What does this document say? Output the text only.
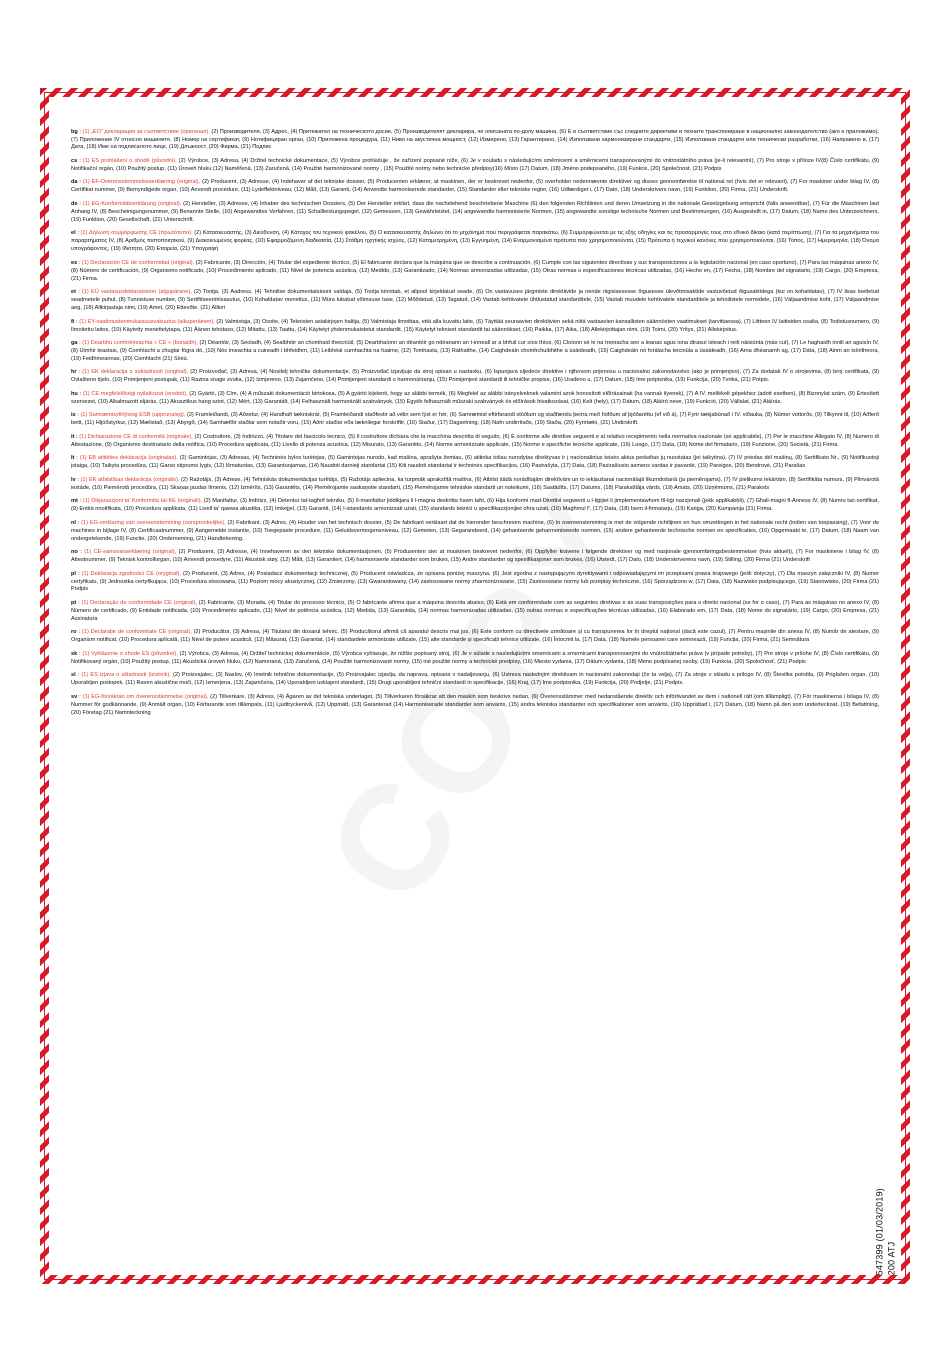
bg : (1) „ЕО“ декларация за съответствие (оригинал). (2) Производителя, (3) Адрес, (4) Притежател на техническото досие, (5) Производителят декларира, че описаната по-долу машина, (6) Е в съответствие със следните директиви и техните транспониране в национално законодателство (ако е приложимо), (7) Приложение IV относно машините, (8) Номер на сертификат, (9) Нотифициран орган, (10) Приложена процедура, (11) Ниво на акустична мощност, (12) Измерено, (13) Гарантирано, (14) Използвани хармонизирани стандарти, (15) Използвани стандарти или технически разработки, (16) Направено в, (17) Дата, (18) Име на подписалото лице, (19) Длъжност, (20) Фирма, (21) Подпис

cs : (1) ES prohlášení o shodě (původní). (2) Výrobce, (3) Adresa, (4) Držitel technické dokumentace, (5) Výrobce prohlašuje , že zařízení popsané níže, (6) Je v souladu s následujícími směrnicemi a směrnicemi transponovanými do vnitrostátního práva (je-li relevantní), (7) Pro stroje v příloze IV(8) Číslo certifikátu, (9) Notifikační orgán, (10) Použitý postup, (11) Úroveň hluku (12) Naměřená, (13) Zaručená, (14) Použité harmonizované normy , (15) Použité normy nebo technické předpisy(16) Místo (17) Datum, (18) Jméno podepsaného, (19) Funkce, (20) Společnost, (21) Podpis

da : (1) EF-Overensstemmelseserklæring (original), (2) Producent, (3) Adresse, (4) Indehaver af det tekniske dossier, (5) Producenten erklærer, at maskinen, der er beskrevet nedenfor, (5) overholder nedennævnte direktiver og disses gennemførelse til national ret (hvis det er relevant), (7) For maskiner under bilag IV, (8) Certifikat nummer, (9) Bemyndigede organ, (10) Anvendt procedure, (11) Lydeffektniveau, (12) Målt, (13) Garanti, (14) Anvendte harmoniserede standarder, (15) Standarder eller tekniske regler, (16) Udfærdiget i, (17) Dato, (18) Underskrivers navn, (19) Funktion, (20) Firma, (21) Underskrift.

de : (1) EG-Konformitätserklärung (original). (2) Hersteller, (3) Adresse, (4) Inhaber des technischen Dossiers, (5) Der Hersteller erklärt, dass die nachstehend beschriebene Maschine (6) den folgenden Richtlinien und deren Umsetzung in die nationale Gesetzgebung entspricht (falls anwendbar), (7) Für die Maschinen laut Anhang IV, (8) Bescheinigungsnummer, (9) Benannte Stelle, (10) Angewandtes Verfahren, (11) Schallleistungspegel, (12) Gemessen, (13) Gewährleistet, (14) angewandte harmonisierte Normen, (15) angewandte sonstige technische Normen und Bestimmungen, (16) Ausgestellt in, (17) Datum, (18) Name des Unterzeichners, (19) Funktion, (20) Gesellschaft, (21) Unterschrift.

el : (1) Δήλωση συμμόρφωσης CE (πρωτότυπο). (2) Κατασκευαστής, (3) Διεύθυνση, (4) Κάτοχος του τεχνικού φακέλου, (5) Ο κατασκευαστής δηλώνει ότι το μηχάνημα που περιγράφεται παρακάτω, (6) Συμμορφώνεται με τις εξής οδηγίες και τις προσαρμογές τους στο εθνικό δίκαιο (κατά περίπτωση), (7) Για τα μηχανήματα του παραρτήματος IV, (8) Αριθμός πιστοποιητικού, (9) Διακοινωμένος φορέας, (10) Εφαρμοζόμενη διαδικασία, (11) Στάθμη ηχητικής ισχύος, (12) Καταμετρημένη, (13) Εγγυημένη, (14) Εναρμονισμένα πρότυπα που χρησιμοποιούνται, (15) Πρότυπα ή τεχνικοί κανόνες που χρησιμοποιούνται, (16) Τόπος, (17) Ημερομηνία, (18) Όνομα υπογράφοντος, (19) Ιδιότητα, (20) Εταιρεία, (21) Υπογραφή

es : (1) Declaración CE de conformidad (original), (2) Fabricante, (3) Dirección, (4) Titular del expediente técnico, (5) El fabricante declara que la máquina que se describe a continuación, (6) Cumple con las siguientes directivas y sus transposiciones a la legislación nacional (en caso oportuno), (7) Para las máquinas anexo IV, (8) Número de certificación, (9) Organismo notificado, (10) Procedimiento aplicado, (11) Nivel de potencia acústica, (12) Medido, (13) Garantizado, (14) Normas armonizadas utilizadas, (15) Otras normas o especificaciones técnicas utilizadas, (16) Hecho en, (17) Fecha, (18) Nombre del signatario, (19) Cargo, (20) Empresa, (21) Firma.

et : (1) EÜ vastavusdeklaratsioon (algupärane), (2) Tootja, (3) Aadress, (4) Tehnilise dokumentatsiooni valdaja, (5) Tootja kinnitab, et allpool kirjeldatud seade, (6) On vastavuses järgmiste direktiivide ja nende riigisisesesse õigusesse ülevõtmisaktide vastuvõetud õigusaktidega (kui on kohaldatav), (7) IV lisas loetletud seadmetele puhul, (8) Tunnistuse number, (9) Sertifitseerimisasutus, (10) Kohaldatav menetlus, (11) Müra lubatud võimsuse tase, (12) Mõõdetud, (13) Tagatud, (14) Vastab kehtivatele ühtlustatud standarditele, (15) Vastab muudele kehtivatele standarditele ja tehnilistele normidele, (16) Väljaandmise koht, (17) Väljaandmise aeg, (18) Allkirjastaja nimi, (19) Amet, (20) Ettevõte, (21) Allkiri

fi : (1) EY-vaatimustenmukaisuusvakuutus (alkuperäinen), (2) Valmistaja, (3) Osoite, (4) Teknisten asiakirjojen haltija, (5) Valmistaja ilmoittaa, että alla kuvattu laite, (6) Täyttää seuraavien direktiivien sekä niitä vastaavien kansallisten säännösten vaatimukset (tarvittaessa), (7) Liitteen IV laitteiden osalta, (8) Todistusnumero, (9) Ilmoitettu laitos, (10) Käytetty menettelytapa, (11) Äänen tehotaso, (12) Mitattu, (13) Taattu, (14) Käytetyt yhdenmukaistetut standardit, (15) Käytetyt tekniset standardit tai säännökset, (16) Paikka, (17) Aika, (18) Allekirjoittajan nimi, (19) Toimi, (20) Yritys, (21) Allekirjoitus.

ga : (1) Dearbhú comhréireachta « CE » (bunaidh), (2) Déantóir, (3) Seoladh, (4) Sealbhóir an chomhaid theicniúil, (5) Dearbhaíonn an déantóir go ndéanann an t-inneall ar a bhfuil cur síos thíos, (6) Cloíonn sé le na treoracha seo a leanas agus iona dtrasuí isteach i reiti náisiúnta (más cuí), (7) Le haghaidh innill an aguisín IV, (8) Uimhir teastais, (9) Comhlacht a chuglar fógra dó, (10) Nós imeachta a cuireadh i bhfeidhm, (11) Leibhéal cumhachta na fuaime, (12) Tomhasta, (13) Ráthaithe, (14) Caighdeáin chomhchuibhithe a úsáideadh, (15) Caighdeáin nó forálacha teicniúla a úsáideadh, (16) Arna dhéanamh ag, (17) Dáta, (18) Ainm an tsínitheora, (19) Feidhmeannas, (20) Comhlacht (21) Síniú.

hr : (1) EK deklaracija o sukladnosti (original), (2) Proizvođač, (3) Adresa, (4) Nositelj tehničke dokumentacije, (5) Proizvođač izjavljuje da stroj opisan u nastavku, (6) Ispunjava sljedeće direktive i njihovom prijenosu u nacionalno zakonodavstvo (ako je primjenjivo), (7) Za dodatak IV o strojevima, (8) broj certifikata, (9) Ovlašteno tijelo, (10) Primijenjeni postupak, (11) Razina snage zvuka, (12) Izmjereno, (13) Zajamčeno, (14) Primijenjeni standardi o harmoniziranju, (15) Primijenjeni standardi ili tehničke propise, (16) Urađeno u, (17) Datum, (18) Ime potpisnika, (19) Funkcija, (20) Tvrtka, (21) Potpis.

hu : (1) CE megfelelőségi nyilatkozat (eredeti), (2) Gyártó, (3) Cím, (4) A műszaki dokumentáció birtokosa, (5) A gyártó kijelenti, hogy az alábbi termék, (6) Megfelel az alábbi irányelveknek valamint azok honosított előírásainak (ha vannak ilyenek), (7) A IV. mellékelt gépekhez (adott esetben), (8) Bizonylat szám, (9) Értesített szervezet, (10) Alkalmazott eljárás, (11) Akusztikus hang szint, (12) Mért, (13) Garantált, (14) Felhasznált harmonizált szabványok, (15) Egyéb felhasznált műszaki szabványok és előírások hivatkozásai, (16) Kelt (hely), (17) Dátum, (18) Aláíró neve, (19) Funkció, (20) Vállalat, (21) Aláírás.

is : (1) Samræmisyfirlýsing ESB (upprunaleg), (2) Framleiðandi, (3) Aðsetur, (4) Handhafi tækniskrár, (5) Framleiðandi staðfestir að vélin sem lýst er hér, (6) Samræmist eftirfarandi stöðlum og staðfærslu þeirra með höfðum af þjóðaréttu (ef við á), (7) Fyrir tækjabúnað í IV. viðauka, (8) Númer vottorðs, (9) Tilkynnt til, (10) Aðferð beitt, (11) Hljóðstyrkur, (12) Mælistað, (13) Ábyrgð, (14) Samhæfðir staðlar sem notaðir voru, (15) Aðrir staðlar eða tæknilegar forskriftir, (16) Staður, (17) Dagsetning, (18) Nafn undirritaðs, (19) Staða, (20) Fyrirtæki, (21) Undirskrift.

it : (1) Dichiarazione CE di conformità (originale), (2) Costruttore, (3) Indirizzo, (4) Titolare del fascicolo tecnico, (5) Il costruttore dichiara che la macchina descritta di seguito, (6) È conforme alle direttive seguenti e al relativo recepimento nella normativa nazionale (se applicabile), (7) Per le macchine Allegato IV, (8) Numero di Attestazione, (9) Organismo destinatario della notifica, (10) Procedura applicata, (11) Livello di potenza acustica, (12) Misurato, (13) Garantito, (14) Norme armonizzate applicate, (15) Norme e specifiche tecniche applicate, (16) Luogo, (17) Data, (18) Nome del firmatario, (19) Funzione, (20) Società, (21) Firma.

lt : (1) EB atitikties deklaracija (originalas), (2) Gamintojas, (3) Adresas, (4) Techninės bylos turėtojas, (5) Gamintojas nurodo, kad mašina, aprašyta žemiau, (6) atitinka toliau nurodytas direktyvas ir į nacionalinius teisės aktus perkeltas jų nuostatas (jei taikytina), (7) IV priedas dėl mašinų, (8) Sertifikato Nr., (9) Notifikuotoji įstaiga, (10) Taikyta procedūra, (11) Garso stiprumo lygis, (12) Išmatuotas, (13) Garantuojamas, (14) Naudoti darnieji standartai (15) Kiti naudoti standartai ir techninės specifikacijos, (16) Pasirašyta, (17) Data, (18) Pasirašiusio asmens vardas ir pavardė, (19) Pareigos, (20) Bendrovė, (21) Parašas

lv : (1) EK atbilstības deklarācija (oriģināls), (2) Ražotājs, (3) Adrese, (4) Tehniskās dokumentācijas turētājs, (5) Ražotājs apliecina, ka turpmāk aprakstītā mašīna, (6) Atbilst šādā norādītajām direktīvām un to iekļaušanai nacionālajā likumdošanā (ja piemērojams), (7) IV pielikums iekārtām, (8) Sertifikāta numurs, (9) Pilnvarotā iestāde, (10) Piemērotā procedūra, (11) Skaņas jaudas līmenis, (12) Izmērīts, (13) Garantēts, (14) Piemērojamie saskaņotie standarti, (15) Piemērojamie tehniskie standarti un noteikumi, (16) Sastādīts, (17) Datums, (18) Parakstītāja vārds, (19) Amats, (20) Uzņēmums, (21) Paraksts

mt : (1) Dikjarazzjoni ta' Konformità tal-KE (oriġinali), (2) Manifattur, (3) Indirizz, (4) Detentur tat-tagħrif tekniku, (5) Il-manifattur jiddikjara li l-magna deskritta hawn taħt, (6) Hija konformi mad-Direttivi segwenti u l-liġijiet li jimplementawhom fil-liġi nazzjonali (jekk applikabbli), (7) Għall-magni fl-Anness IV, (8) Numru taċ-ċertifikat, (9) Entità nnotifikata, (10) Proċedura applikata, (11) Livell ta' qawwa akustika, (12) Imkejjel, (13) Garantit, (14) I-istandards armonizzati użati, (15) standards tekniċi u speċifikazzjonijiet oħra użati, (16) Magħmul f', (17) Data, (18) Isem il-firmatarju, (19) Kariga, (20) Kumpanija (21) Firma.

nl : (1) EG-verklaring van overeenstemming (oorspronkelijke), (2) Fabrikant, (3) Adres, (4) Houder van het technisch dossier, (5) De fabrikant verklaart dat de hieronder beschreven machine, (6) In overeenstemming is met de volgende richtlijnen en hun omzettingen in het nationale recht (indien van toepassing), (7) Voor de machines in bijlage IV, (8) Certificaatnummer, (9) Aangemelde instantie, (10) Toegepaste procedure, (11) Geluidsvermogensniveau, (12) Gemeten, (13) Gegarandeerd, (14) gehanteerde geharmoniseerde normen, (15) andere gehanteerde technische normen en specificaties, (16) Opgemaakt te, (17) Datum, (18) Naam van ondergetekende, (19) Functie, (20) Onderneming, (21) Handtekening.

no : (1) CE-samsvarserklæring (original), (2) Produsent, (3) Adresse, (4) Innehaveren av den tekniske dokumentasjonen, (5) Produsenten sier at maskinen beskrevet nedenfor, (6) Oppfyller kravene i følgende direktiver og med nasjonale gjennomføringsbestemmelser (hvis aktuelt), (7) For maskinene i bilag IV, (8) Attestnummer, (9) Teknisk kontrollorgan, (10) Anvendt prosedyre, (11) Akustisk støy, (12) Målt, (13) Garantiert, (14) harmoniserte standarder som brukes, (15) Andre standarder og spesifikasjoner som brukes, (16) Utstedt, (17) Dato, (18) Underskriverens navn, (19) Stilling, (20) Firma (21) Underskrift

pl : (1) Deklaracja zgodności CE (oryginał), (2) Producent, (3) Adres, (4) Posiadacz dokumentacji technicznej, (5) Producent oświadcza, że opisana poniżej maszyna, (6) Jest zgodna z następującymi dyrektywami i odpowiadającymi im przepisami prawa krajowego (jeśli dotyczy), (7) Dla maszyn załączniki IV, (8) Numer certyfikatu, (9) Jednostka certyfikująca, (10) Procedura stosowana, (11) Poziom mocy akustycznej, (12) Zmierzony, (13) Gwarantowany, (14) zastosowane normy zharmonizowane, (15) Zastosowane normy lub przepisy techniczne, (16) Sporządzono w, (17) Data, (18) Nazwisko podpisującego, (19) Stanowisko, (20) Firma (21) Podpis

pt : (1) Declaração de conformidade CE (original), (2) Fabricante, (3) Morada, (4) Titular do processo técnico, (5) O fabricante afirma que a máquina descrita abaixo, (6) Está em conformidade com as seguintes diretivas e as suas transposições para o direito nacional (se for o caso), (7) Para as máquinas no anexo IV, (8) Número de certificado, (9) Entidade notificada, (10) Procedimento aplicado, (11) Nível de potência acústica, (12) Medida, (13) Garantida, (14) normas harmonizadas utilizadas, (15) outras normas e especificações técnicas utilizadas, (16) Elaborado em, (17) Data, (18) Nome do signatário, (19) Cargo, (20) Empresa, (21) Assinatura

ro : (1) Declarație de conformitate CE (original), (2) Producător, (3) Adresa, (4) Titularul din dosarul tehnic, (5) Producătorul afirmă că aparatul descris mai jos, (6) Este conform cu directivele următoare și cu transpunerea lor în dreptul național (dacă este cazul), (7) Pentru mașinile din anexa IV, (8) Număr de atestare, (9) Organism notificat, (10) Procedura aplicată, (11) Nivel de putere acustică, (12) Măsurat, (13) Garantat, (14) standardele armonizate utilizate, (15) alte standarde și specificații tehnice utilizate, (16) Întocmit la, (17) Data, (18) Numele persoanei care semnează, (19) Funcția, (20) Firma, (21) Semnătura

sk : (1) Vyhlásenie o zhode ES (pôvodné), (2) Výrobca, (3) Adresa, (4) Držiteľ technickej dokumentácie, (5) Výrobca vyhlasuje, že nižšie popísaný stroj, (6) Je v súlade s nasledujúcimi smernicami a smernicami transponovanými do vnútroštátneho práva (v prípade potreby), (7) Pre stroje v prílohe IV, (8) Číslo certifikátu, (9) Notifikovaný orgán, (10) Použitý postup, (11) Akustická úroveň hluku, (12) Nameraná, (13) Zaručená, (14) Použité harmonizované normy, (15) iné použité normy a technické predpisy, (16) Miesto vydania, (17) Dátum vydania, (18) Meno podpísanej osoby, (19) Funkcia, (20) Spoločnosť, (21) Podpis

sl : (1) ES izjava o skladnosti (izvirnik), (2) Proizvajalec, (3) Naslov, (4) Imetnik tehnične dokumentacije, (5) Proizvajalec izjavlja, da naprava, opisana v nadaljevanju, (6) Ustreza naslednjim direktivam in nacionalni zakonodaji (če ta velja), (7) Za stroje v skladu s prilogo IV, (8) Številka potrdila, (9) Priglašen organ, (10) Uporabljen postopek, (11) Raven akustične moči, (12) Izmerjena, (13) Zajamčena, (14) Uporabljeni usklajeni standardi, (15) Drugi uporabljeni tehnični standardi in specifikacije, (16) Kraj, (17) Ime podpisnika, (19) Funkcija, (20) Podjetje, (21) Podpis.

sv : (1) EG-försäkran om överensstämmelse (original), (2) Tillverkare, (3) Adress, (4) Ägaren av det tekniska underlaget, (5) Tillverkaren försäkrar att den maskin som beskrivs nedan, (6) Överensstämmer med nedanstående direktiv och införlivandet av dem i nationell rätt (om tillämpligt), (7) För maskinerna i bilaga IV, (8) Nummer för godkännande, (9) Anmält organ, (10) Förfarande som tillämpats, (11) Ljudtryckenivå, (12) Uppmätt, (13) Garanterad (14) Harmoniserade standarder som använts, (15) andra tekniska standarder och specifikationer som använts, (16) Upprättad i, (17) Datum, (18) Namn på den som undertecknat, (19) Befattning, (20) Företag (21) Namnteckning

547399 (01/03/2019) 200 ATJ
